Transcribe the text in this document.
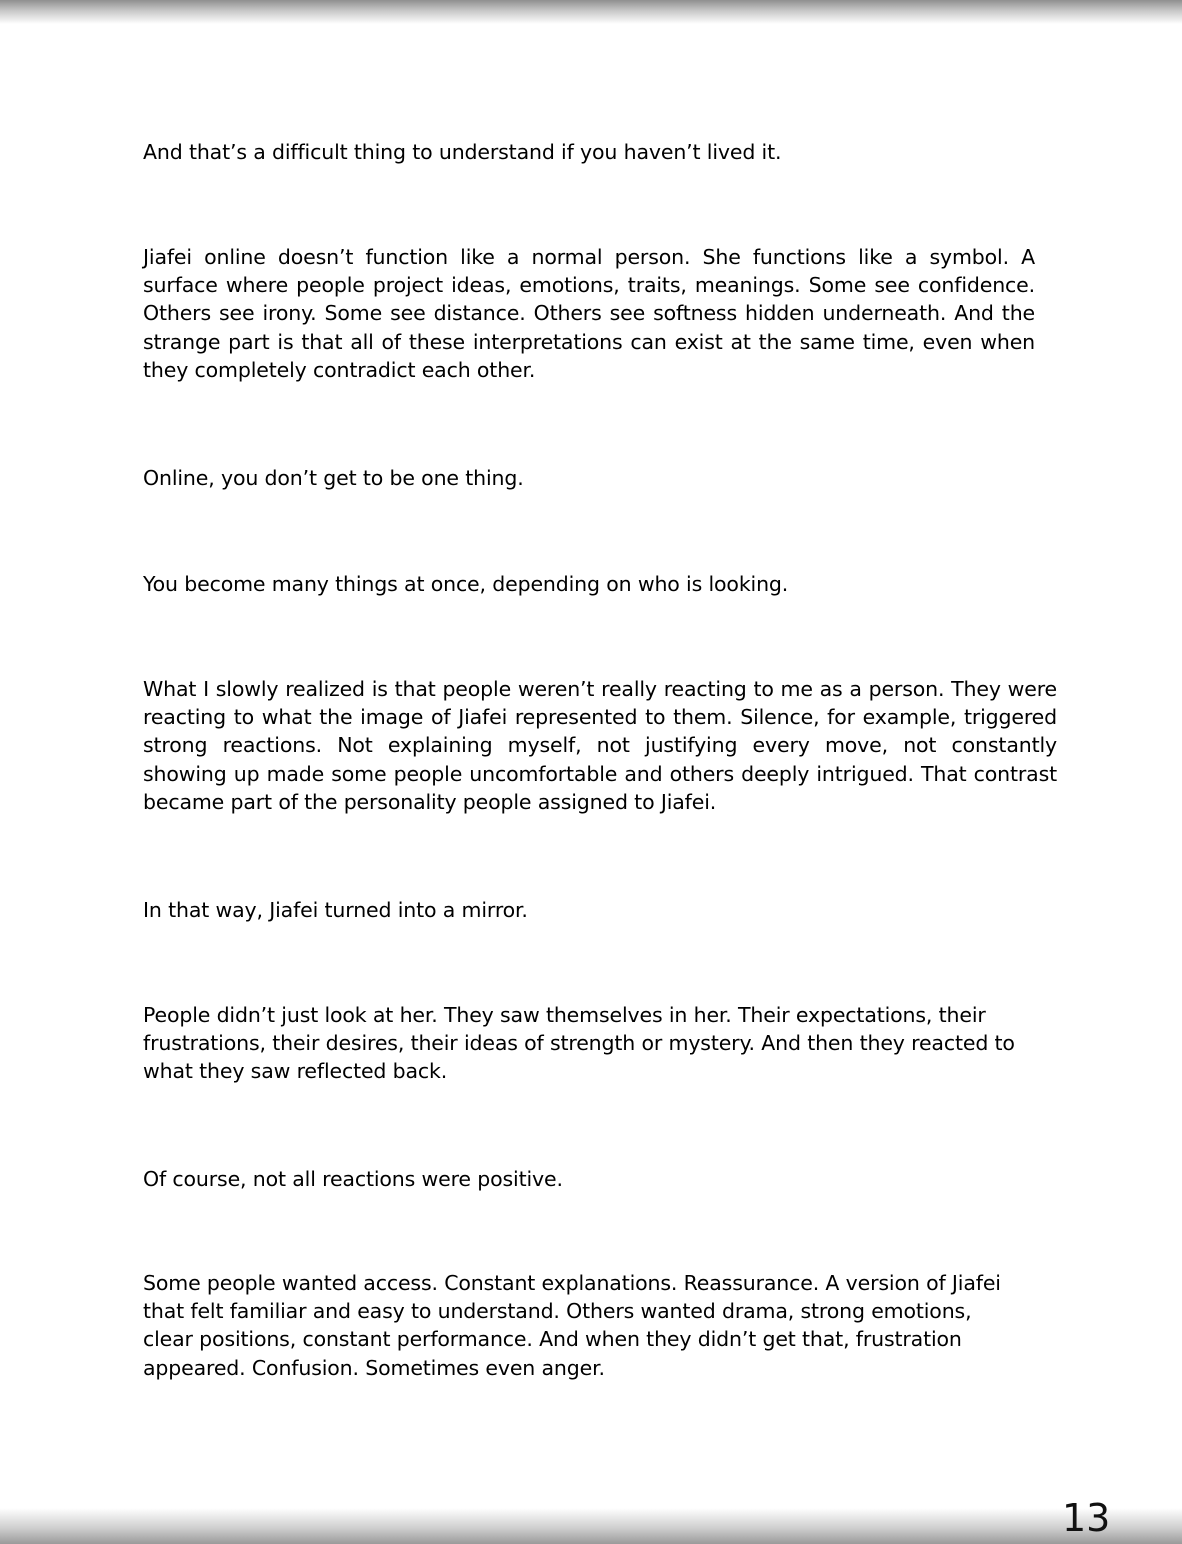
And that’s a difficult thing to understand if you haven’t lived it.

Jiafei online doesn’t function like a normal person. She functions like a symbol. A surface where people project ideas, emotions, traits, meanings. Some see confidence. Others see irony. Some see distance. Others see softness hidden underneath. And the strange part is that all of these interpretations can exist at the same time, even when they completely contradict each other.

Online, you don’t get to be one thing.

You become many things at once, depending on who is looking.

What I slowly realized is that people weren’t really reacting to me as a person. They were reacting to what the image of Jiafei represented to them. Silence, for example, triggered strong reactions. Not explaining myself, not justifying every move, not constantly showing up made some people uncomfortable and others deeply intrigued. That contrast became part of the personality people assigned to Jiafei.

In that way, Jiafei turned into a mirror.

People didn’t just look at her. They saw themselves in her. Their expectations, their frustrations, their desires, their ideas of strength or mystery. And then they reacted to what they saw reflected back.

Of course, not all reactions were positive.

Some people wanted access. Constant explanations. Reassurance. A version of Jiafei that felt familiar and easy to understand. Others wanted drama, strong emotions, clear positions, constant performance. And when they didn’t get that, frustration appeared. Confusion. Sometimes even anger.

13
